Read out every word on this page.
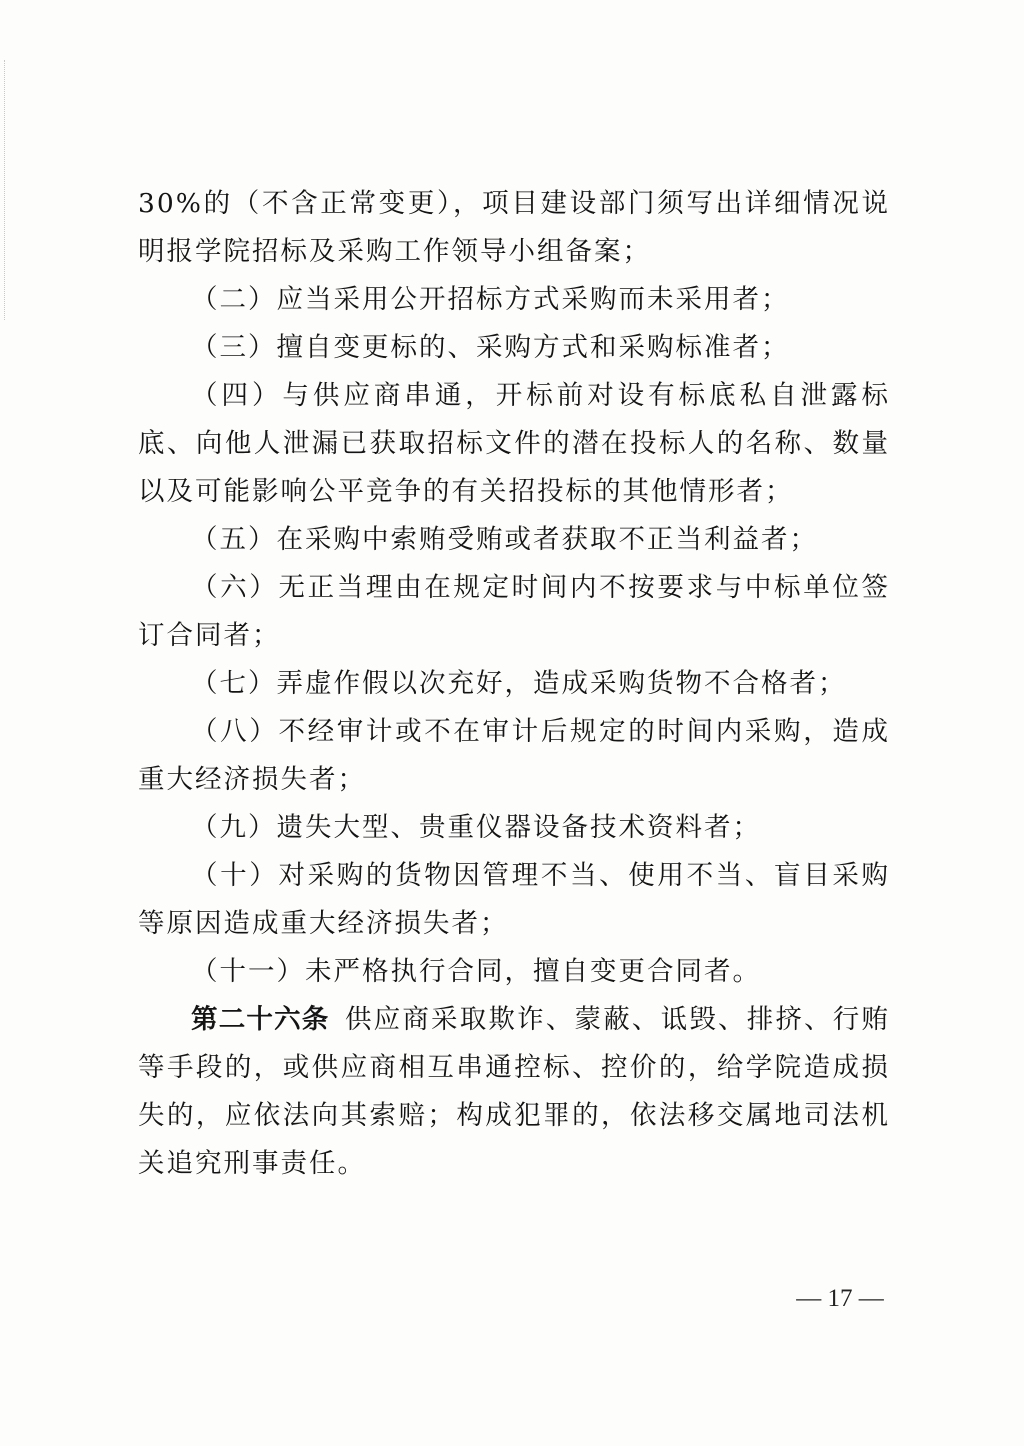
30%的（不含正常变更），项目建设部门须写出详细情况说明报学院招标及采购工作领导小组备案；

（二）应当采用公开招标方式采购而未采用者；

（三）擅自变更标的、采购方式和采购标准者；

（四）与供应商串通，开标前对设有标底私自泄露标底、向他人泄漏已获取招标文件的潜在投标人的名称、数量以及可能影响公平竞争的有关招投标的其他情形者；

（五）在采购中索贿受贿或者获取不正当利益者；

（六）无正当理由在规定时间内不按要求与中标单位签订合同者；

（七）弄虚作假以次充好，造成采购货物不合格者；

（八）不经审计或不在审计后规定的时间内采购，造成重大经济损失者；

（九）遗失大型、贵重仪器设备技术资料者；

（十）对采购的货物因管理不当、使用不当、盲目采购等原因造成重大经济损失者；

（十一）未严格执行合同，擅自变更合同者。

第二十六条  供应商采取欺诈、蒙蔽、诋毁、排挤、行贿等手段的，或供应商相互串通控标、控价的，给学院造成损失的，应依法向其索赔；构成犯罪的，依法移交属地司法机关追究刑事责任。

— 17 —
